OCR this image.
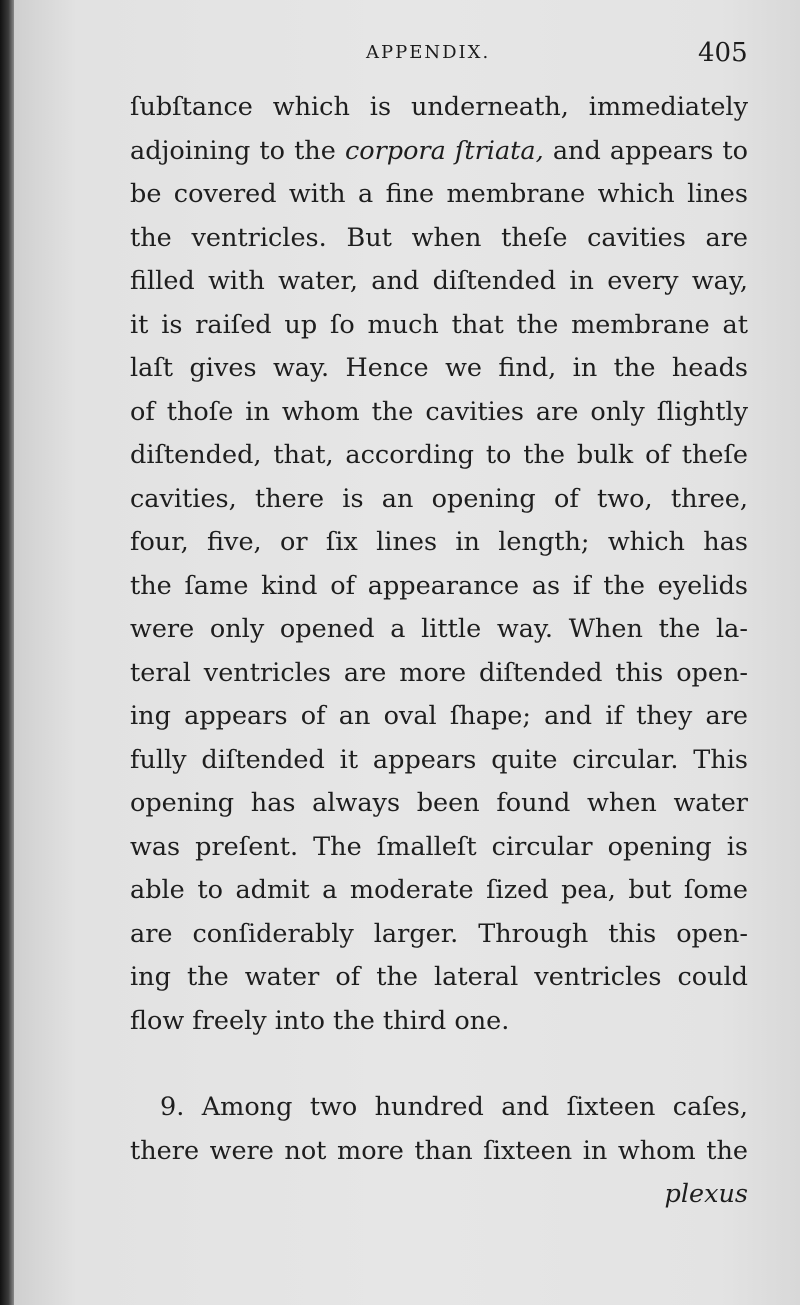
APPENDIX.	405
ſubſtance which is underneath, immediately
adjoining to the corpora ſtriata, and appears to
be covered with a fine membrane which lines
the ventricles. But when theſe cavities are
filled with water, and diſtended in every way,
it is raiſed up ſo much that the membrane at
laſt gives way. Hence we find, in the heads
of thoſe in whom the cavities are only ſlightly
diſtended, that, according to the bulk of theſe
cavities, there is an opening of two, three,
four, five, or ſix lines in length; which has
the ſame kind of appearance as if the eyelids
were only opened a little way. When the la-
teral ventricles are more diſtended this open-
ing appears of an oval ſhape; and if they are
fully diſtended it appears quite circular. This
opening has always been found when water
was preſent. The ſmalleſt circular opening is
able to admit a moderate ſized pea, but ſome
are conſiderably larger. Through this open-
ing the water of the lateral ventricles could
flow freely into the third one.
9. Among two hundred and ſixteen caſes,
there were not more than ſixteen in whom the
plexus
